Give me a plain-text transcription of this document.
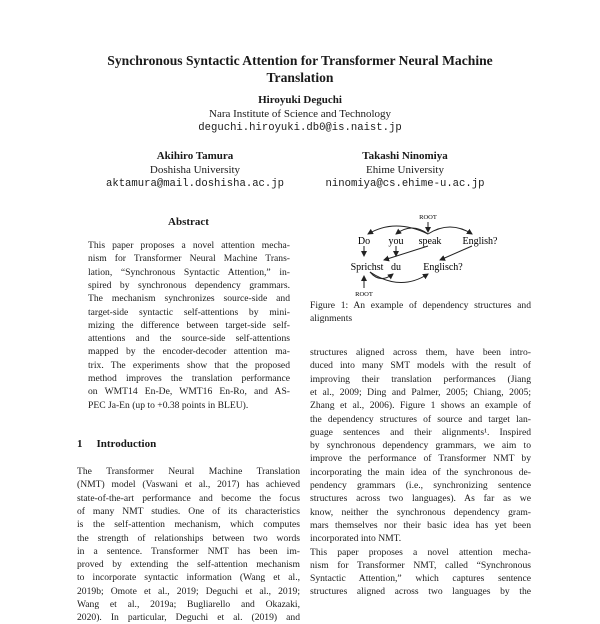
Synchronous Syntactic Attention for Transformer Neural Machine
Translation
Hiroyuki Deguchi
Nara Institute of Science and Technology
deguchi.hiroyuki.db0@is.naist.jp
Akihiro Tamura
Doshisha University
aktamura@mail.doshisha.ac.jp
Takashi Ninomiya
Ehime University
ninomiya@cs.ehime-u.ac.jp
Abstract
This paper proposes a novel attention mecha-
nism for Transformer Neural Machine Trans-
lation, “Synchronous Syntactic Attention,” in-
spired by synchronous dependency grammars.
The mechanism synchronizes source-side and
target-side syntactic self-attentions by mini-
mizing the difference between target-side self-
attentions and the source-side self-attentions
mapped by the encoder-decoder attention ma-
trix. The experiments show that the proposed
method improves the translation performance
on WMT14 En-De, WMT16 En-Ro, and AS-
PEC Ja-En (up to +0.38 points in BLEU).
1 Introduction
The Transformer Neural Machine Translation
(NMT) model (Vaswani et al., 2017) has achieved
state-of-the-art performance and become the focus
of many NMT studies. One of its characteristics
is the self-attention mechanism, which computes
the strength of relationships between two words
in a sentence. Transformer NMT has been im-
proved by extending the self-attention mechanism
to incorporate syntactic information (Wang et al.,
2019b; Omote et al., 2019; Deguchi et al., 2019;
Wang et al., 2019a; Bugliarello and Okazaki,
2020). In particular, Deguchi et al. (2019) and
ROOT
Do you speak English?
Sprichst du Englisch?
ROOT
Figure 1: An example of dependency structures and
alignments
structures aligned across them, have been intro-
duced into many SMT models with the result of
improving their translation performances (Jiang
et al., 2009; Ding and Palmer, 2005; Chiang, 2005;
Zhang et al., 2006). Figure 1 shows an example of
the dependency structures of source and target lan-
guage sentences and their alignments¹. Inspired
by synchronous dependency grammars, we aim to
improve the performance of Transformer NMT by
incorporating the main idea of the synchronous de-
pendency grammars (i.e., synchronizing sentence
structures across two languages). As far as we
know, neither the synchronous dependency gram-
mars themselves nor their basic idea has yet been
incorporated into NMT.
This paper proposes a novel attention mecha-
nism for Transformer NMT, called “Synchronous
Syntactic Attention,” which captures sentence
structures aligned across two languages by the
